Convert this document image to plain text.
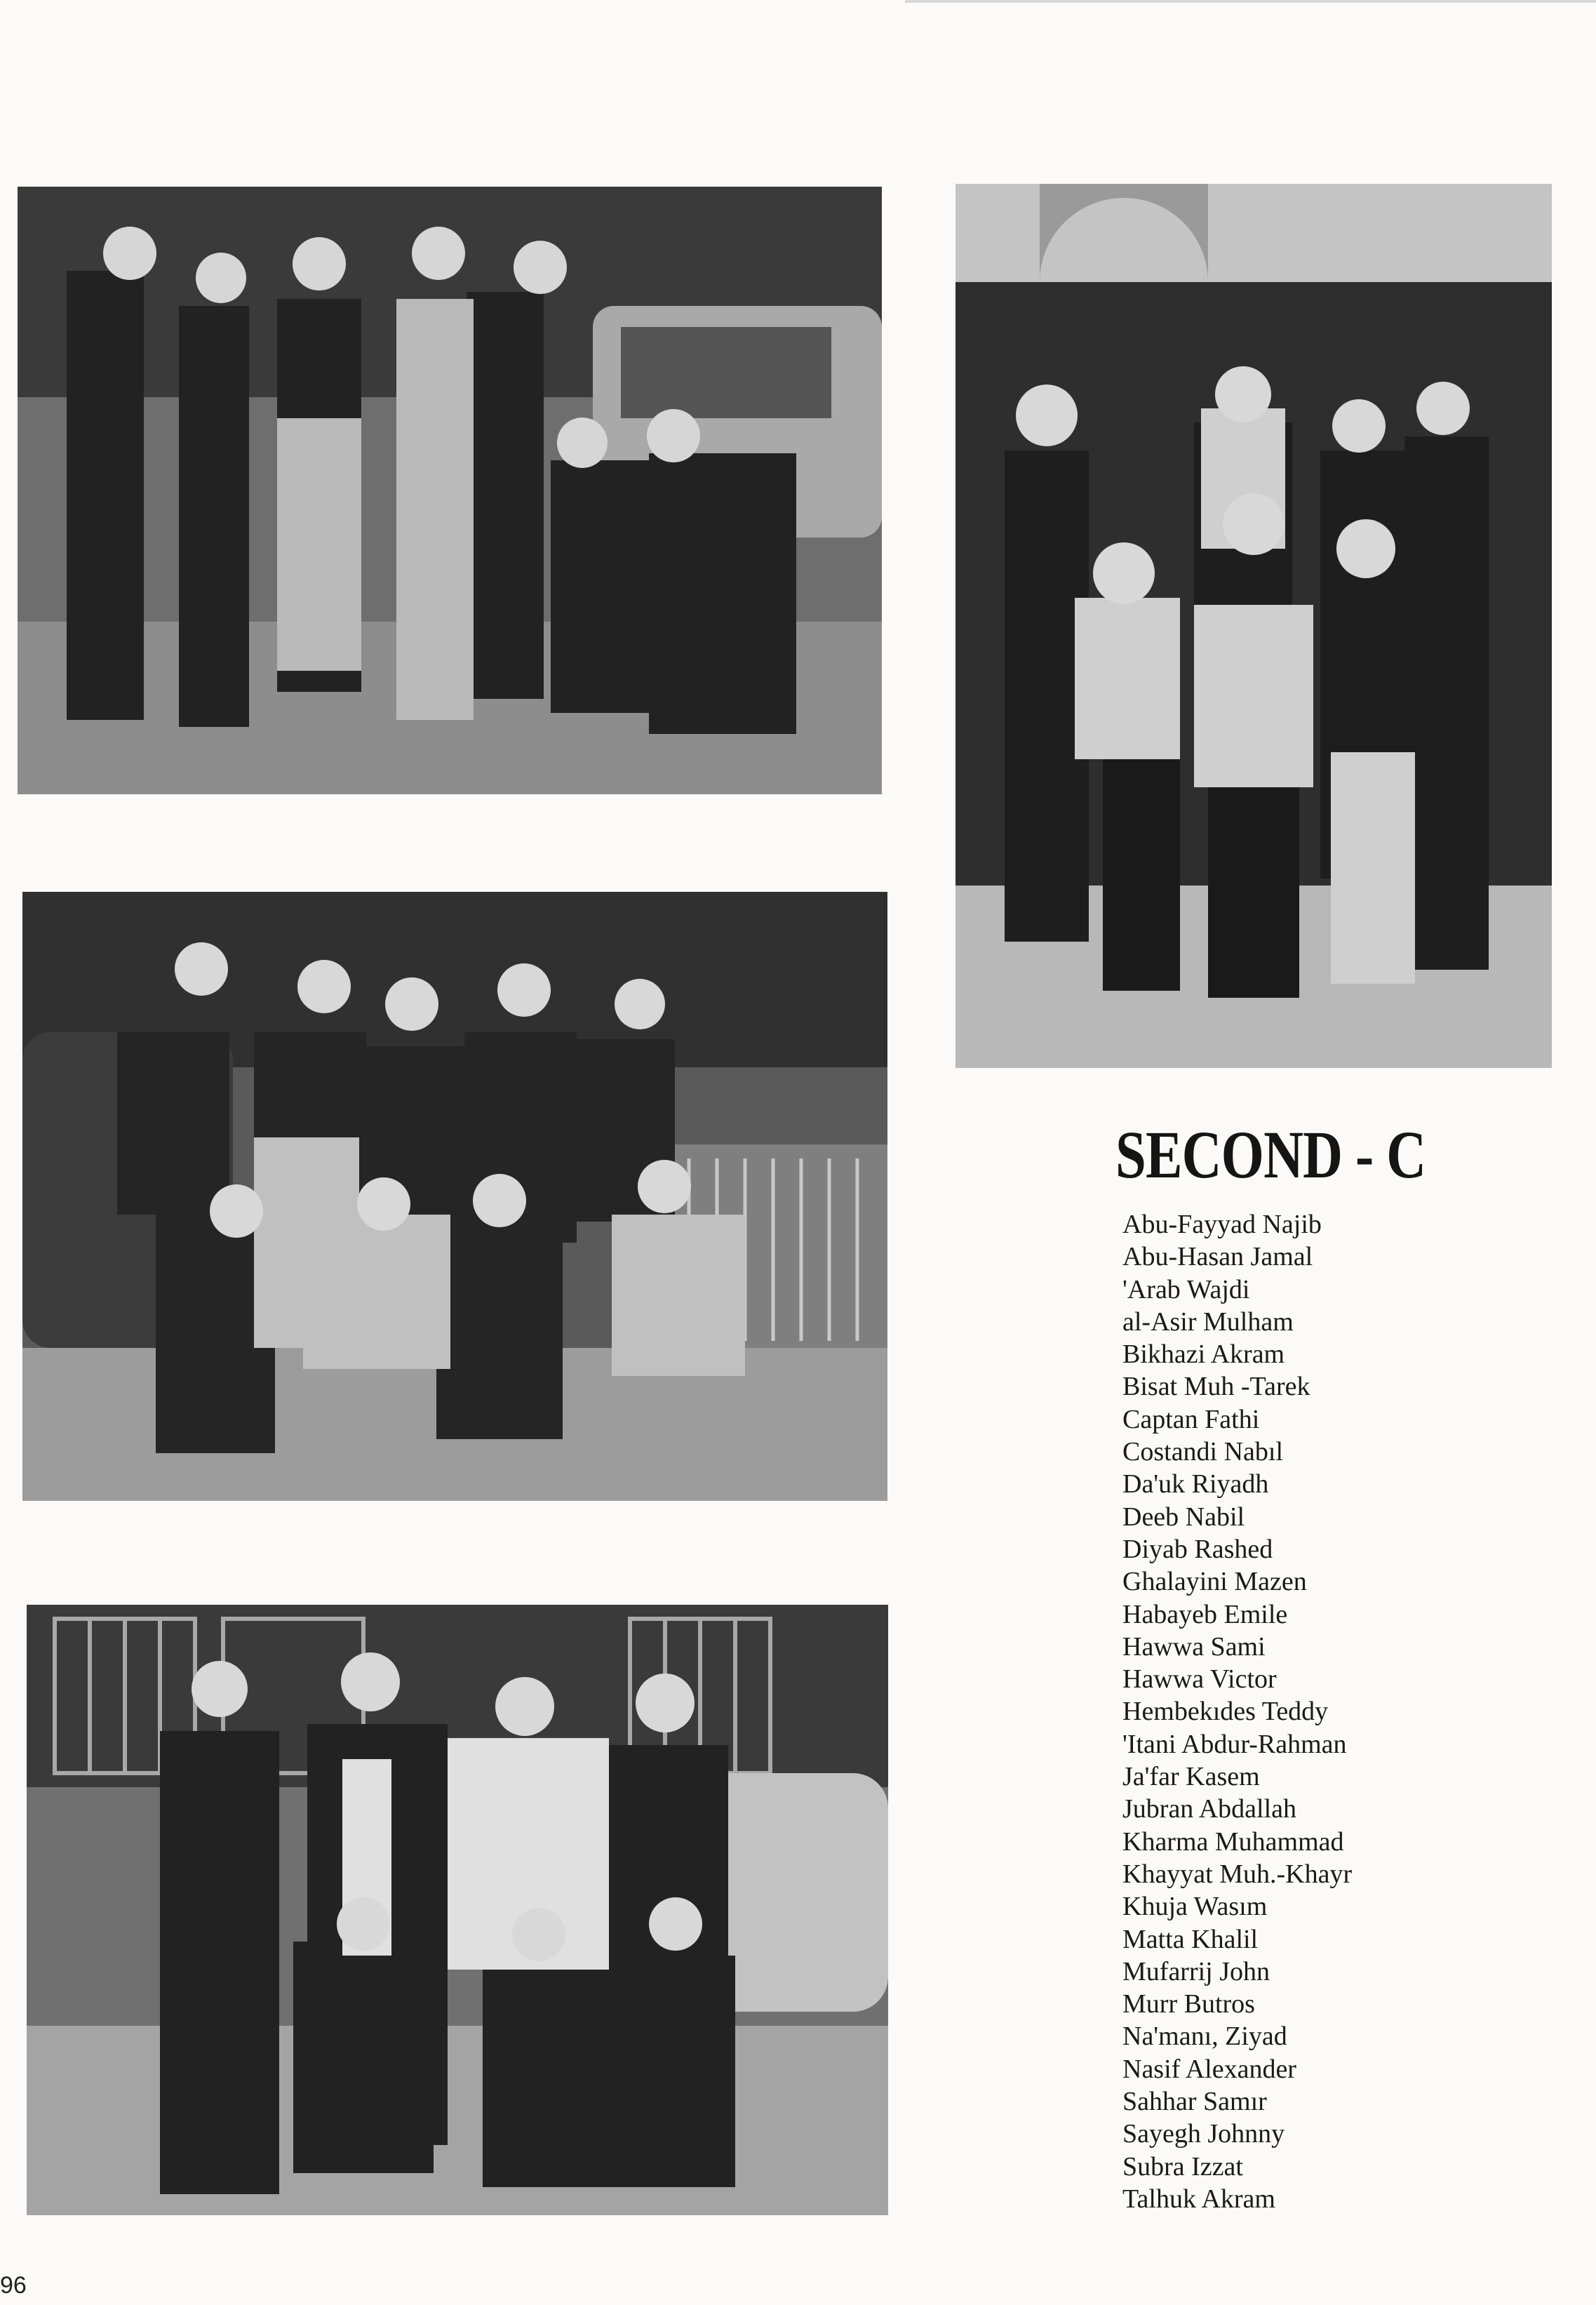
SECOND - C
Abu-Fayyad Najib
Abu-Hasan Jamal
'Arab Wajdi
al-Asir Mulham
Bikhazi Akram
Bisat Muh -Tarek
Captan Fathi
Costandi Nabıl
Da'uk Riyadh
Deeb Nabil
Diyab Rashed
Ghalayini Mazen
Habayeb Emile
Hawwa Sami
Hawwa Victor
Hembekıdes Teddy
'Itani Abdur-Rahman
Ja'far Kasem
Jubran Abdallah
Kharma Muhammad
Khayyat Muh.-Khayr
Khuja Wasım
Matta Khalil
Mufarrij John
Murr Butros
Na'manı, Ziyad
Nasif Alexander
Sahhar Samır
Sayegh Johnny
Subra Izzat
Talhuk Akram
96
